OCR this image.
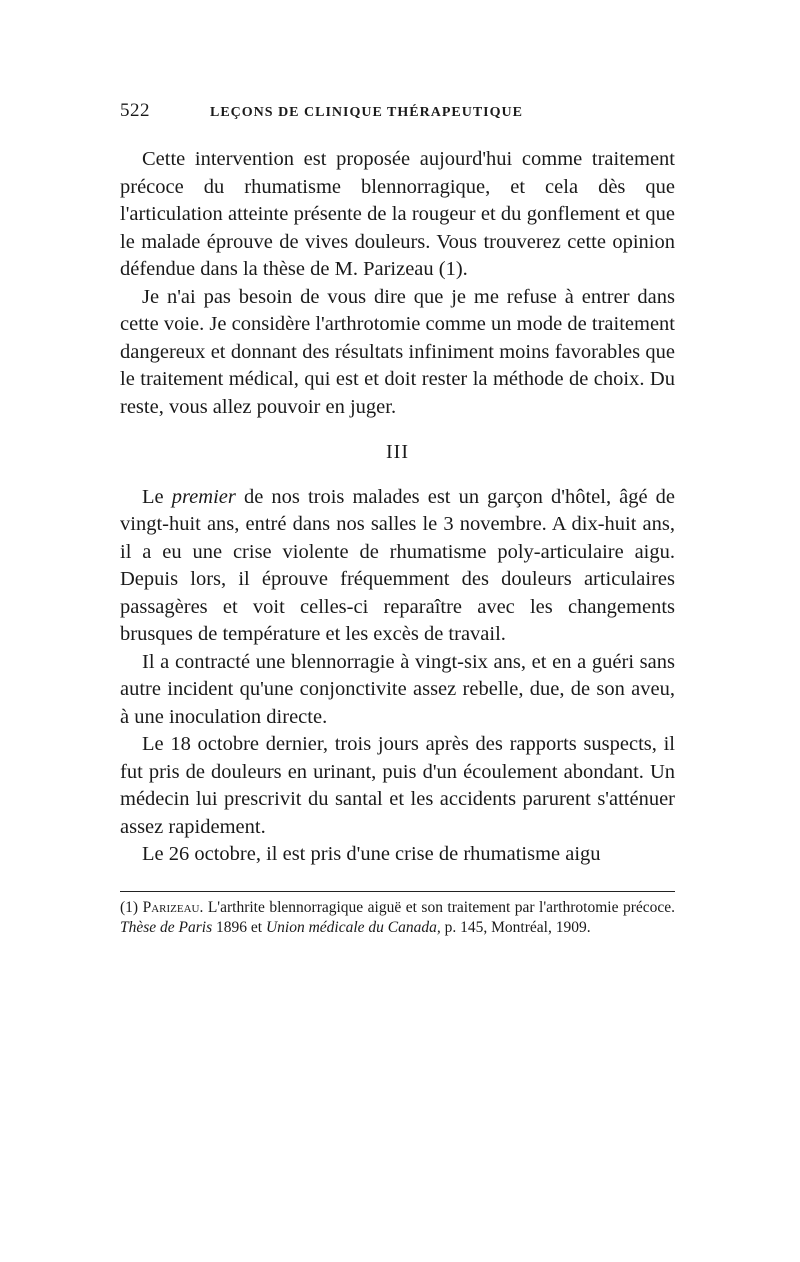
522	LEÇONS DE CLINIQUE THÉRAPEUTIQUE

Cette intervention est proposée aujourd'hui comme traitement précoce du rhumatisme blennorragique, et cela dès que l'articulation atteinte présente de la rougeur et du gonflement et que le malade éprouve de vives douleurs. Vous trouverez cette opinion défendue dans la thèse de M. Parizeau (1).

Je n'ai pas besoin de vous dire que je me refuse à entrer dans cette voie. Je considère l'arthrotomie comme un mode de traitement dangereux et donnant des résultats infiniment moins favorables que le traitement médical, qui est et doit rester la méthode de choix. Du reste, vous allez pouvoir en juger.

III

Le premier de nos trois malades est un garçon d'hôtel, âgé de vingt-huit ans, entré dans nos salles le 3 novembre. A dix-huit ans, il a eu une crise violente de rhumatisme poly-articulaire aigu. Depuis lors, il éprouve fréquemment des douleurs articulaires passagères et voit celles-ci reparaître avec les changements brusques de température et les excès de travail.

Il a contracté une blennorragie à vingt-six ans, et en a guéri sans autre incident qu'une conjonctivite assez rebelle, due, de son aveu, à une inoculation directe.

Le 18 octobre dernier, trois jours après des rapports suspects, il fut pris de douleurs en urinant, puis d'un écoulement abondant. Un médecin lui prescrivit du santal et les accidents parurent s'atténuer assez rapidement.

Le 26 octobre, il est pris d'une crise de rhumatisme aigu

(1) Parizeau. L'arthrite blennorragique aiguë et son traitement par l'arthrotomie précoce. Thèse de Paris 1896 et Union médicale du Canada, p. 145, Montréal, 1909.
